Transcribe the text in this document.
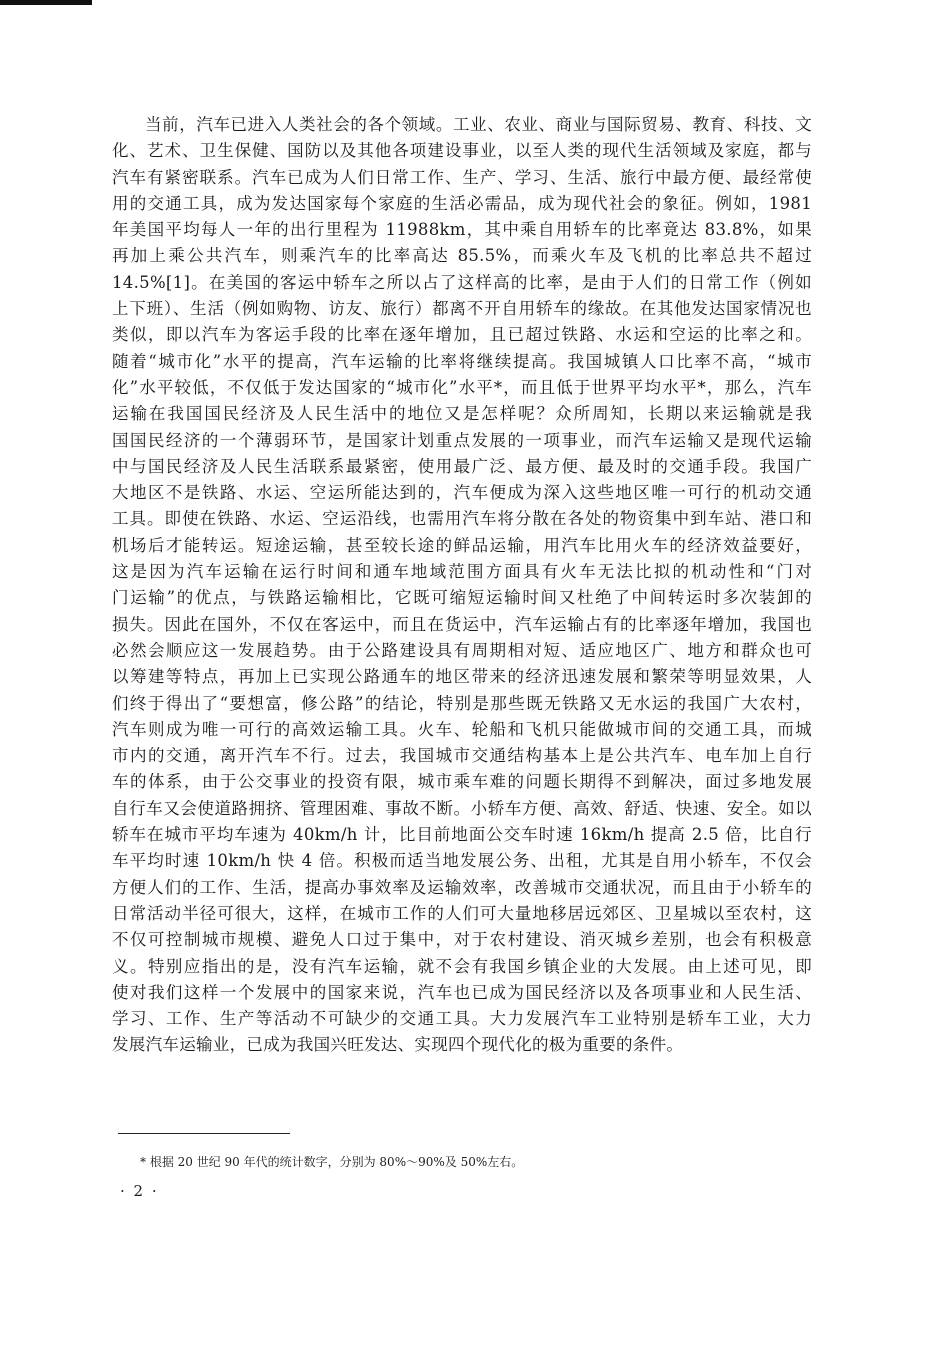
当前，汽车已进入人类社会的各个领域。工业、农业、商业与国际贸易、教育、科技、文
化、艺术、卫生保健、国防以及其他各项建设事业，以至人类的现代生活领域及家庭，都与
汽车有紧密联系。汽车已成为人们日常工作、生产、学习、生活、旅行中最方便、最经常使
用的交通工具，成为发达国家每个家庭的生活必需品，成为现代社会的象征。例如，1981
年美国平均每人一年的出行里程为 11988km，其中乘自用轿车的比率竟达 83.8%，如果
再加上乘公共汽车，则乘汽车的比率高达 85.5%，而乘火车及飞机的比率总共不超过
14.5%[1]。在美国的客运中轿车之所以占了这样高的比率，是由于人们的日常工作（例如
上下班）、生活（例如购物、访友、旅行）都离不开自用轿车的缘故。在其他发达国家情况也
类似，即以汽车为客运手段的比率在逐年增加，且已超过铁路、水运和空运的比率之和。
随着“城市化”水平的提高，汽车运输的比率将继续提高。我国城镇人口比率不高，“城市
化”水平较低，不仅低于发达国家的“城市化”水平*，而且低于世界平均水平*，那么，汽车
运输在我国国民经济及人民生活中的地位又是怎样呢？众所周知，长期以来运输就是我
国国民经济的一个薄弱环节，是国家计划重点发展的一项事业，而汽车运输又是现代运输
中与国民经济及人民生活联系最紧密，使用最广泛、最方便、最及时的交通手段。我国广
大地区不是铁路、水运、空运所能达到的，汽车便成为深入这些地区唯一可行的机动交通
工具。即使在铁路、水运、空运沿线，也需用汽车将分散在各处的物资集中到车站、港口和
机场后才能转运。短途运输，甚至较长途的鲜品运输，用汽车比用火车的经济效益要好，
这是因为汽车运输在运行时间和通车地域范围方面具有火车无法比拟的机动性和“门对
门运输”的优点，与铁路运输相比，它既可缩短运输时间又杜绝了中间转运时多次装卸的
损失。因此在国外，不仅在客运中，而且在货运中，汽车运输占有的比率逐年增加，我国也
必然会顺应这一发展趋势。由于公路建设具有周期相对短、适应地区广、地方和群众也可
以筹建等特点，再加上已实现公路通车的地区带来的经济迅速发展和繁荣等明显效果，人
们终于得出了“要想富，修公路”的结论，特别是那些既无铁路又无水运的我国广大农村，
汽车则成为唯一可行的高效运输工具。火车、轮船和飞机只能做城市间的交通工具，而城
市内的交通，离开汽车不行。过去，我国城市交通结构基本上是公共汽车、电车加上自行
车的体系，由于公交事业的投资有限，城市乘车难的问题长期得不到解决，面过多地发展
自行车又会使道路拥挤、管理困难、事故不断。小轿车方便、高效、舒适、快速、安全。如以
轿车在城市平均车速为 40km/h 计，比目前地面公交车时速 16km/h 提高 2.5 倍，比自行
车平均时速 10km/h 快 4 倍。积极而适当地发展公务、出租，尤其是自用小轿车，不仅会
方便人们的工作、生活，提高办事效率及运输效率，改善城市交通状况，而且由于小轿车的
日常活动半径可很大，这样，在城市工作的人们可大量地移居远郊区、卫星城以至农村，这
不仅可控制城市规模、避免人口过于集中，对于农村建设、消灭城乡差别，也会有积极意
义。特别应指出的是，没有汽车运输，就不会有我国乡镇企业的大发展。由上述可见，即
使对我们这样一个发展中的国家来说，汽车也已成为国民经济以及各项事业和人民生活、
学习、工作、生产等活动不可缺少的交通工具。大力发展汽车工业特别是轿车工业，大力
发展汽车运输业，已成为我国兴旺发达、实现四个现代化的极为重要的条件。
* 根据 20 世纪 90 年代的统计数字，分别为 80%～90%及 50%左右。
· 2 ·
